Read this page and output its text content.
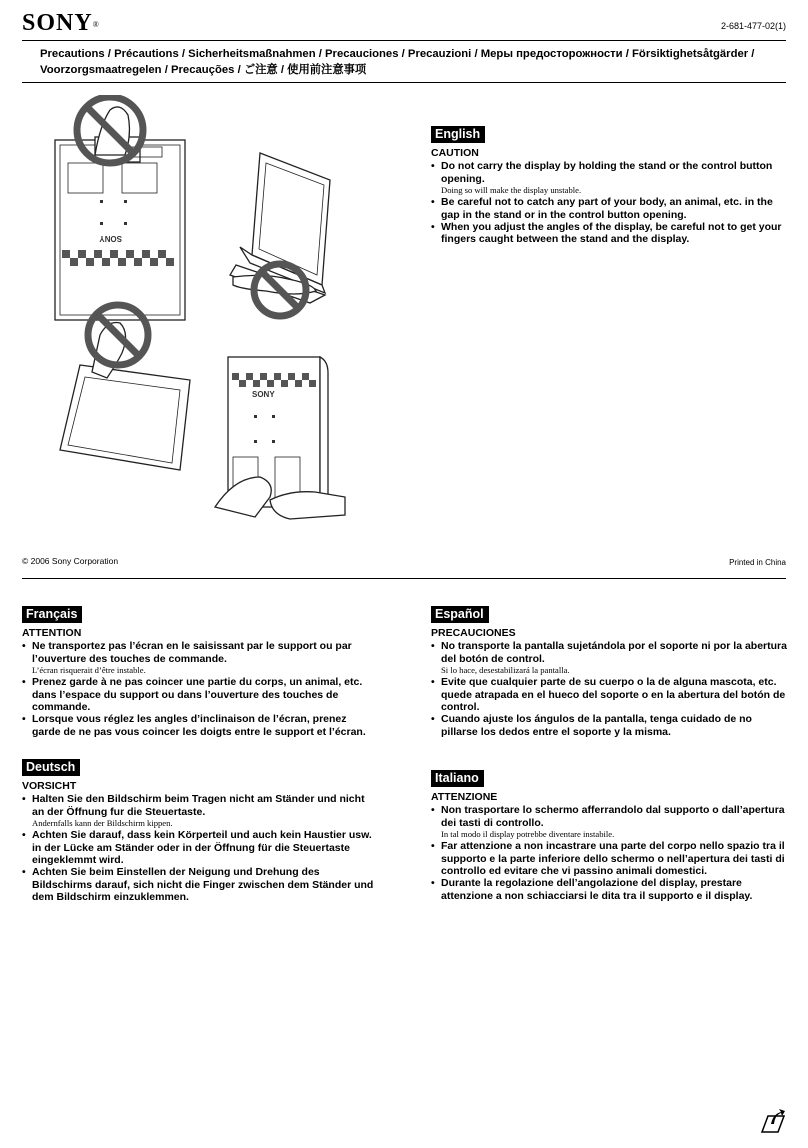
SONY®	2-681-477-02(1)
Precautions / Précautions / Sicherheitsmaßnahmen / Precauciones / Precauzioni / Меры предосторожности / Försiktighetsåtgärder / Voorzorgsmaatregelen / Precauções / ご注意 / 使用前注意事项
SONY
SONY
English
CAUTION
• Do not carry the display by holding the stand or the control button opening.
Doing so will make the display unstable.
• Be careful not to catch any part of your body, an animal, etc. in the gap in the stand or in the control button opening.
• When you adjust the angles of the display, be careful not to get your fingers caught between the stand and the display.
© 2006 Sony Corporation	Printed in China
Français
ATTENTION
• Ne transportez pas l’écran en le saisissant par le support ou par l’ouverture des touches de commande.
L’écran risquerait d’être instable.
• Prenez garde à ne pas coincer une partie du corps, un animal, etc. dans l’espace du support ou dans l’ouverture des touches de commande.
• Lorsque vous réglez les angles d’inclinaison de l’écran, prenez garde de ne pas vous coincer les doigts entre le support et l’écran.
Español
PRECAUCIONES
• No transporte la pantalla sujetándola por el soporte ni por la abertura del botón de control.
Si lo hace, desestabilizará la pantalla.
• Evite que cualquier parte de su cuerpo o la de alguna mascota, etc. quede atrapada en el hueco del soporte o en la abertura del botón de control.
• Cuando ajuste los ángulos de la pantalla, tenga cuidado de no pillarse los dedos entre el soporte y la misma.
Deutsch
VORSICHT
• Halten Sie den Bildschirm beim Tragen nicht am Ständer und nicht an der Öffnung fur die Steuertaste.
Andernfalls kann der Bildschirm kippen.
• Achten Sie darauf, dass kein Körperteil und auch kein Haustier usw. in der Lücke am Ständer oder in der Öffnung für die Steuertaste eingeklemmt wird.
• Achten Sie beim Einstellen der Neigung und Drehung des Bildschirms darauf, sich nicht die Finger zwischen dem Ständer und dem Bildschirm einzuklemmen.
Italiano
ATTENZIONE
• Non trasportare lo schermo afferrandolo dal supporto o dall’apertura dei tasti di controllo.
In tal modo il display potrebbe diventare instabile.
• Far attenzione a non incastrare una parte del corpo nello spazio tra il supporto e la parte inferiore dello schermo o nell’apertura dei tasti di controllo ed evitare che vi passino animali domestici.
• Durante la regolazione dell’angolazione del display, prestare attenzione a non schiacciarsi le dita tra il supporto e il display.
